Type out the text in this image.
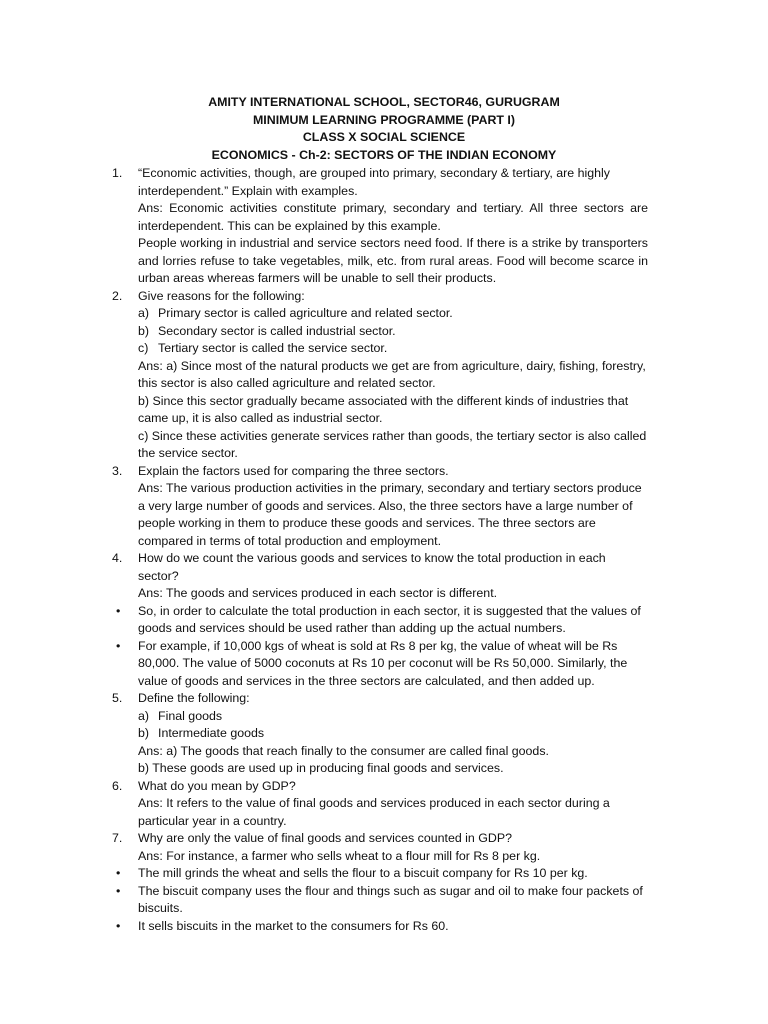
AMITY INTERNATIONAL SCHOOL, SECTOR46, GURUGRAM
MINIMUM LEARNING PROGRAMME (PART I)
CLASS X SOCIAL SCIENCE
ECONOMICS - Ch-2: SECTORS OF THE INDIAN ECONOMY
1. “Economic activities, though, are grouped into primary, secondary & tertiary, are highly interdependent.” Explain with examples.

Ans: Economic activities constitute primary, secondary and tertiary. All three sectors are interdependent. This can be explained by this example.

People working in industrial and service sectors need food. If there is a strike by transporters and lorries refuse to take vegetables, milk, etc. from rural areas. Food will become scarce in urban areas whereas farmers will be unable to sell their products.

2. Give reasons for the following:

a) Primary sector is called agriculture and related sector.
b) Secondary sector is called industrial sector.
c) Tertiary sector is called the service sector.

Ans: a) Since most of the natural products we get are from agriculture, dairy, fishing, forestry, this sector is also called agriculture and related sector.

b) Since this sector gradually became associated with the different kinds of industries that came up, it is also called as industrial sector.

c) Since these activities generate services rather than goods, the tertiary sector is also called the service sector.

3. Explain the factors used for comparing the three sectors.

Ans: The various production activities in the primary, secondary and tertiary sectors produce a very large number of goods and services. Also, the three sectors have a large number of people working in them to produce these goods and services. The three sectors are compared in terms of total production and employment.

4. How do we count the various goods and services to know the total production in each sector?

Ans: The goods and services produced in each sector is different.

• So, in order to calculate the total production in each sector, it is suggested that the values of goods and services should be used rather than adding up the actual numbers.

• For example, if 10,000 kgs of wheat is sold at Rs 8 per kg, the value of wheat will be Rs 80,000. The value of 5000 coconuts at Rs 10 per coconut will be Rs 50,000. Similarly, the value of goods and services in the three sectors are calculated, and then added up.

5. Define the following:

a) Final goods
b) Intermediate goods

Ans: a) The goods that reach finally to the consumer are called final goods.

b) These goods are used up in producing final goods and services.

6. What do you mean by GDP?

Ans: It refers to the value of final goods and services produced in each sector during a particular year in a country.

7. Why are only the value of final goods and services counted in GDP?

Ans: For instance, a farmer who sells wheat to a flour mill for Rs 8 per kg.

• The mill grinds the wheat and sells the flour to a biscuit company for Rs 10 per kg.

• The biscuit company uses the flour and things such as sugar and oil to make four packets of biscuits.

• It sells biscuits in the market to the consumers for Rs 60.
